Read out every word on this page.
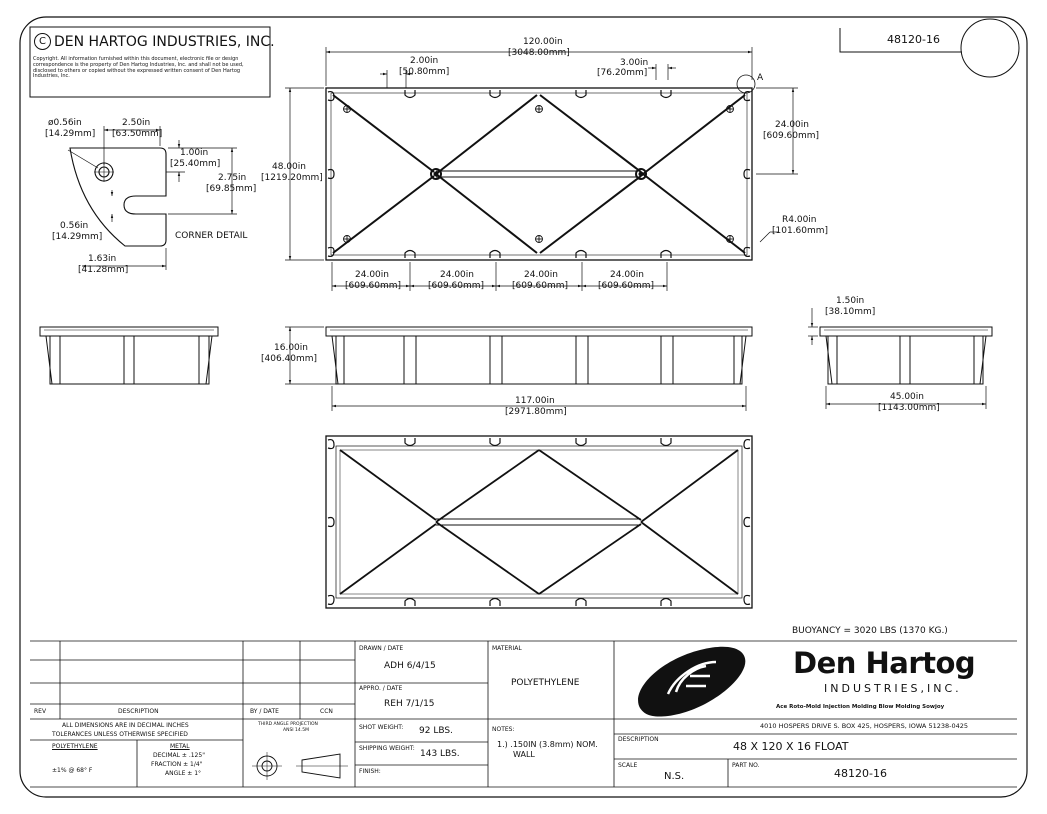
C DEN HARTOG INDUSTRIES, INC.
Copyright. All information furnished within this document, electronic file or design correspondence is the property of Den Hartog Industries, Inc. and shall not be used, disclosed to others or copied without the expressed written consent of Den Hartog Industries, Inc.
48120-16
120.00in
[3048.00mm]
2.00in
[50.80mm]
3.00in
[76.20mm]	A
48.00in
[1219.20mm]
24.00in
[609.60mm]
R4.00in
[101.60mm]
24.00in
[609.60mm]
24.00in
[609.60mm]
24.00in
[609.60mm]
24.00in
[609.60mm]
ø0.56in
[14.29mm]
2.50in
[63.50mm]
1.00in
[25.40mm]
2.75in
[69.85mm]
0.56in
[14.29mm]
1.63in
[41.28mm]
CORNER DETAIL
16.00in
[406.40mm]
117.00in
[2971.80mm]
1.50in
[38.10mm]
45.00in
[1143.00mm]
BUOYANCY = 3020 LBS (1370 KG.)
REV	DESCRIPTION	BY / DATE	CCN
DRAWN / DATE
ADH 6/4/15
APPRO. / DATE
REH 7/1/15
MATERIAL
POLYETHYLENE
ALL DIMENSIONS ARE IN DECIMAL INCHES
TOLERANCES UNLESS OTHERWISE SPECIFIED
POLYETHYLENE
±1% @ 68° F
METAL
DECIMAL ± .125"
FRACTION ± 1/4"
ANGLE ± 1°
THIRD ANGLE PROJECTION
ANSI 14.5M	SHOT WEIGHT: 92 LBS.
SHIPPING WEIGHT:
143 LBS.
FINISH:
NOTES:
1.) .150IN (3.8mm) NOM.
WALL
Den Hartog
INDUSTRIES,INC.
Ace Roto-Mold Injection Molding Blow Molding Sowjoy
4010 HOSPERS DRIVE S. BOX 425, HOSPERS, IOWA 51238-0425
DESCRIPTION
48 X 120 X 16 FLOAT
SCALE
N.S.
PART NO.
48120-16
